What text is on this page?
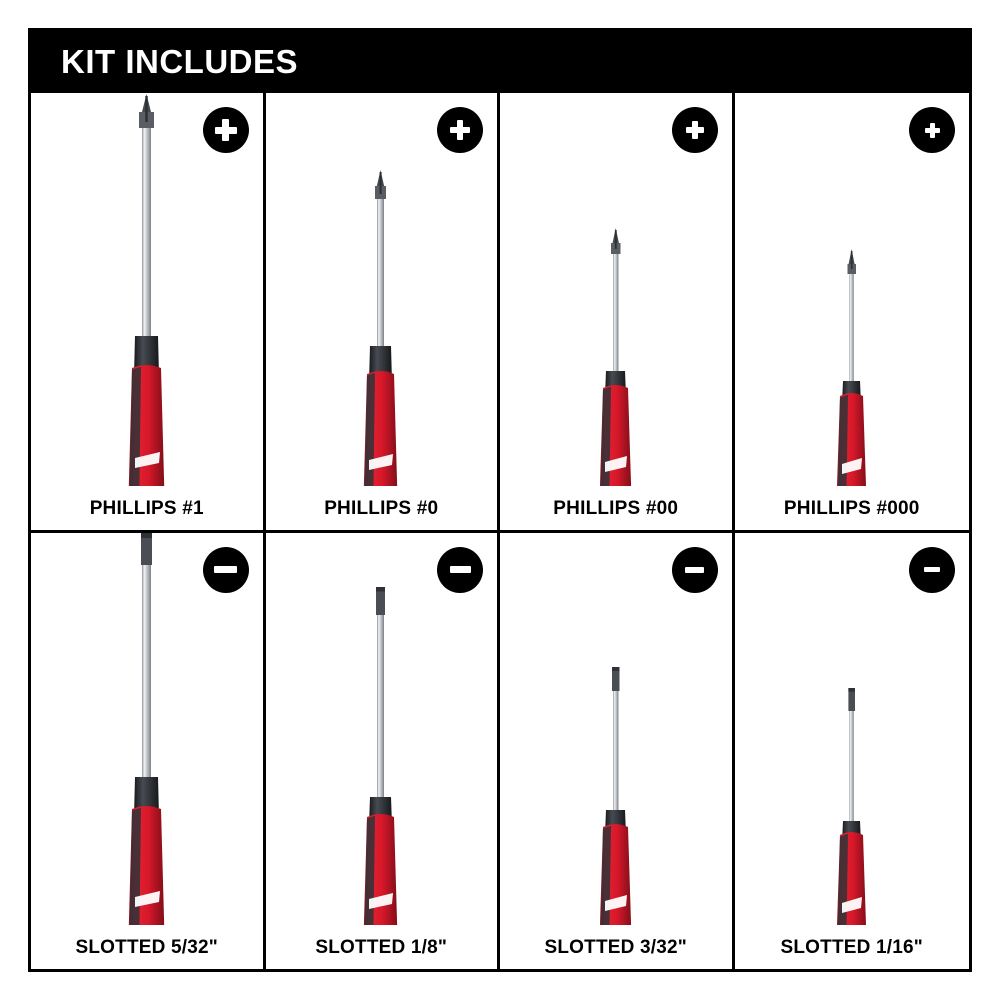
KIT INCLUDES
PHILLIPS #1	PHILLIPS #0	PHILLIPS #00	PHILLIPS #000
SLOTTED 5/32"	SLOTTED 1/8"	SLOTTED 3/32"	SLOTTED 1/16"
